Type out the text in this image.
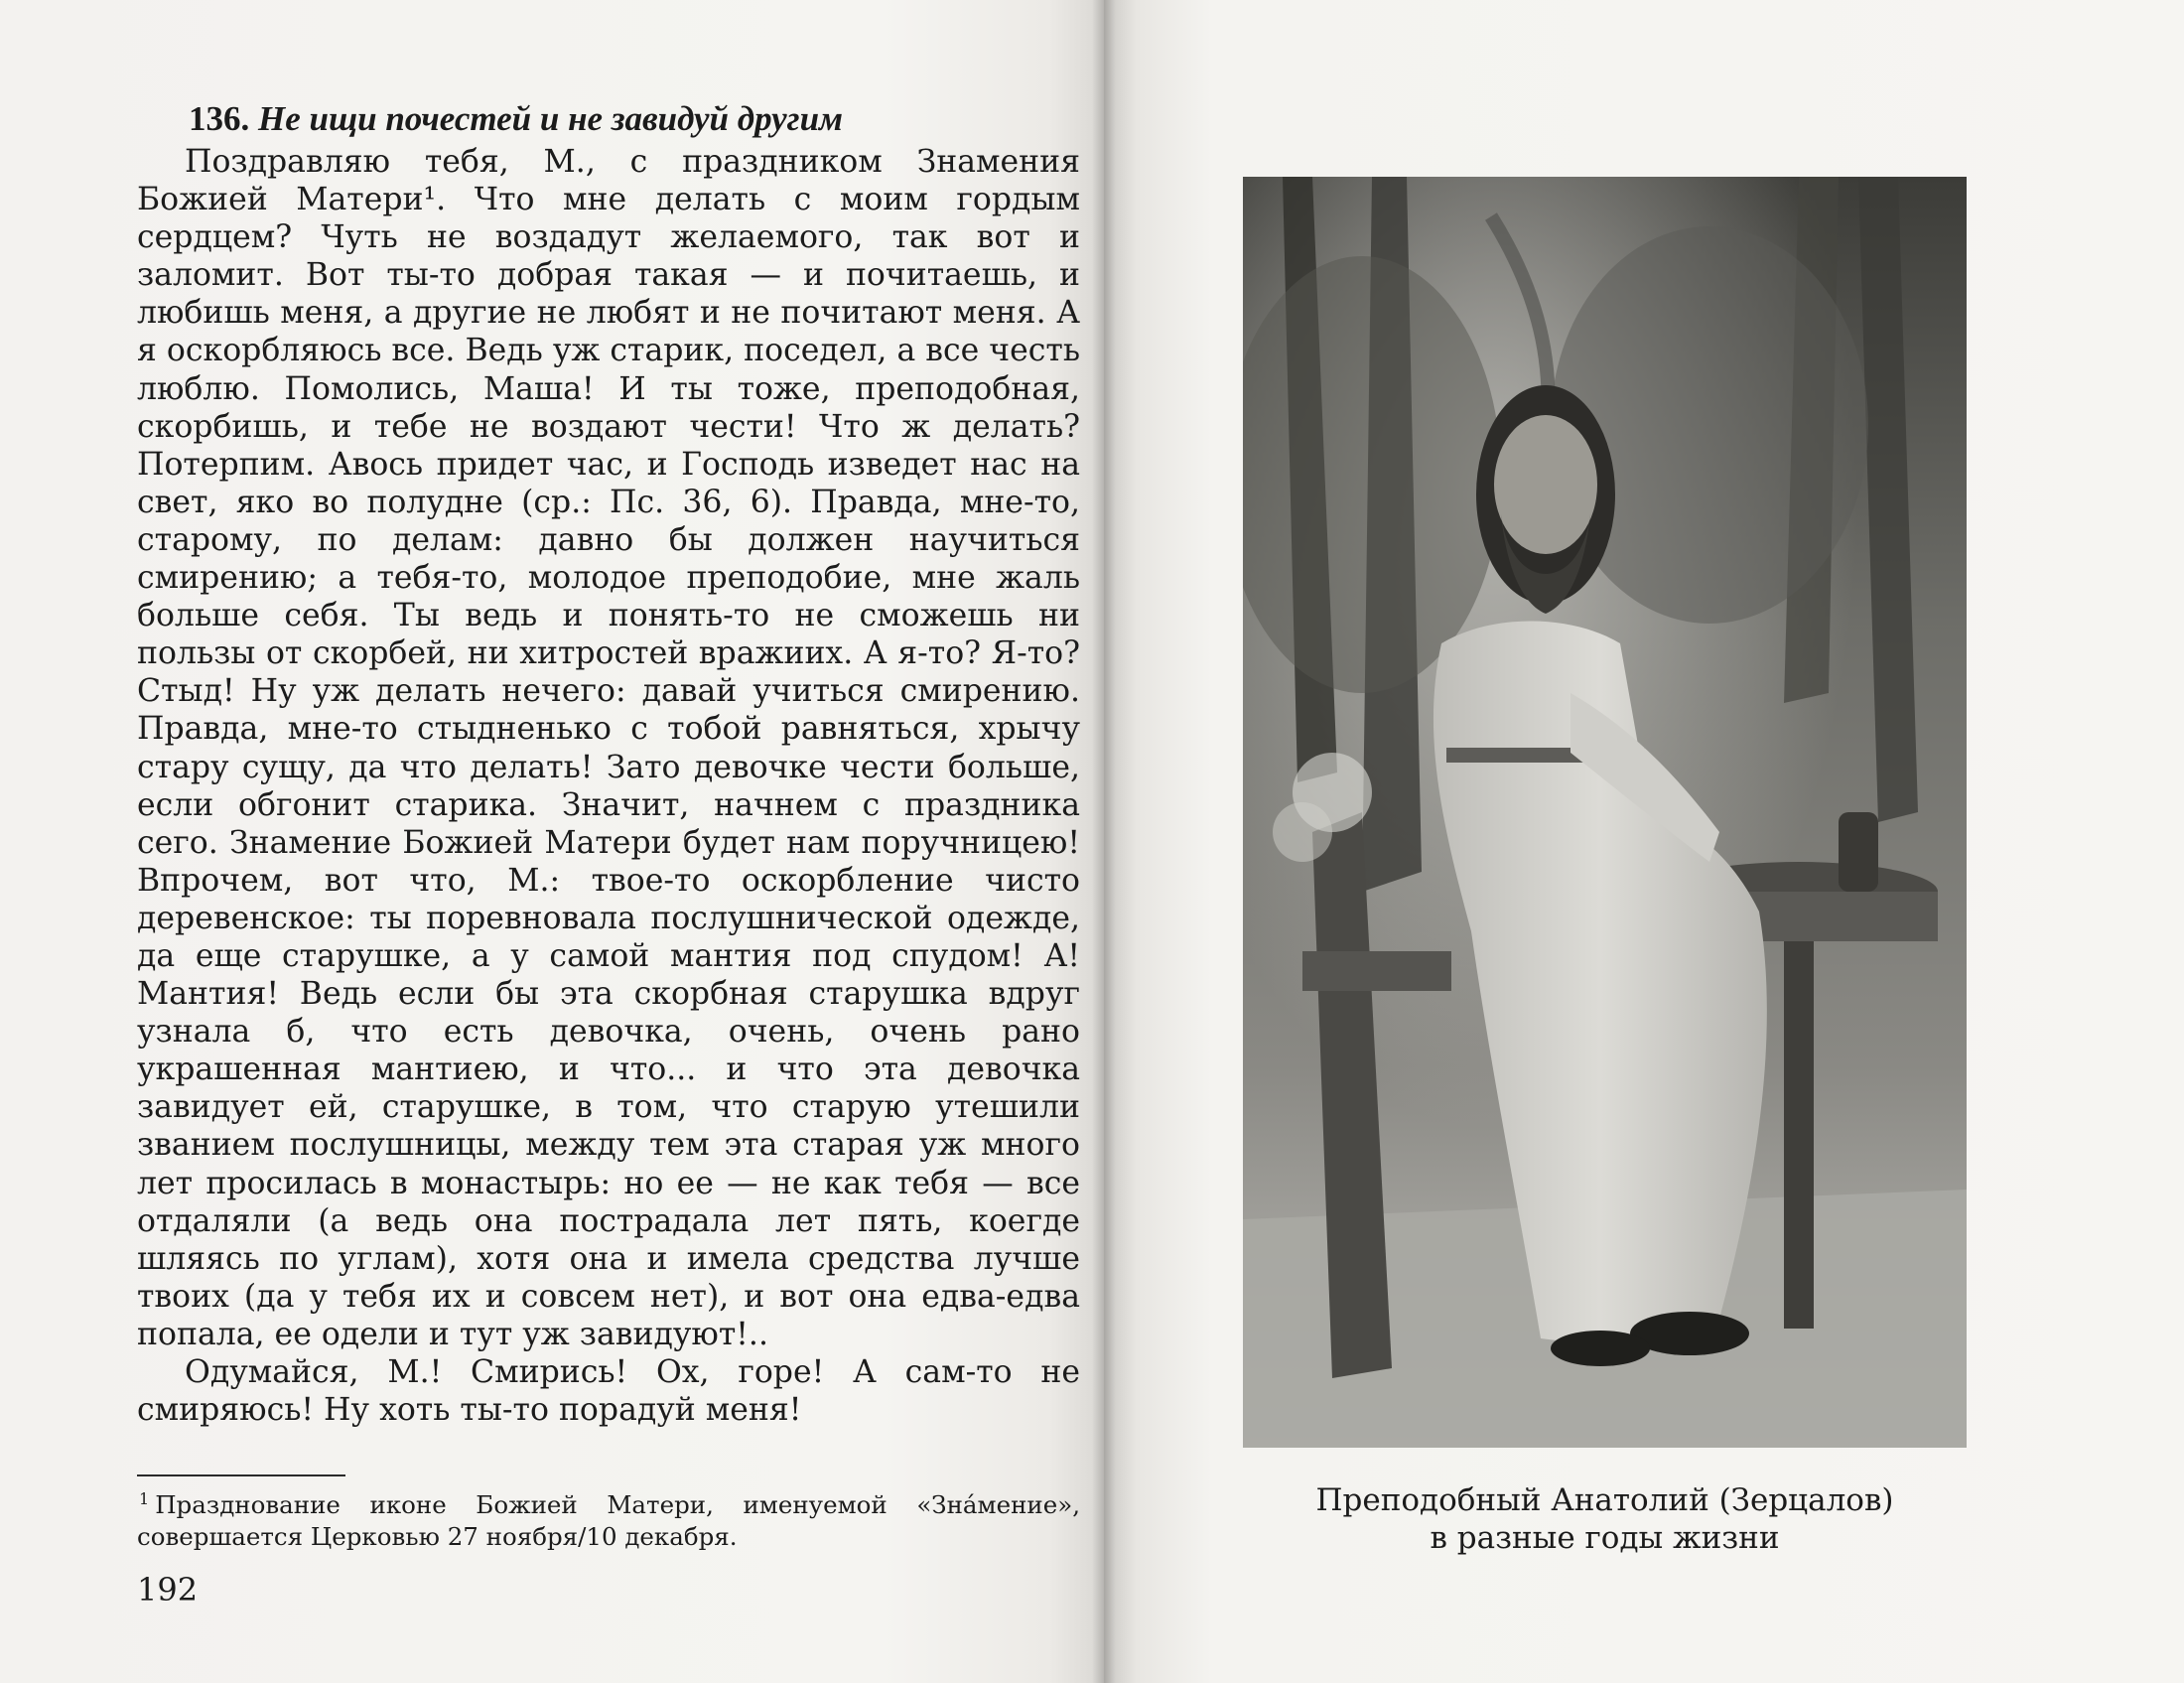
136. Не ищи почестей и не завидуй другим

Поздравляю тебя, М., с праздником Знамения Божией Матери¹. Что мне делать с моим гордым сердцем? Чуть не воздадут желаемого, так вот и заломит. Вот ты-то добрая такая — и почитаешь, и любишь меня, а другие не любят и не почитают меня. А я оскорбляюсь все. Ведь уж старик, поседел, а все честь люблю. Помолись, Маша! И ты тоже, преподобная, скорбишь, и тебе не воздают чести! Что ж делать? Потерпим. Авось придет час, и Господь изведет нас на свет, яко во полудне (ср.: Пс. 36, 6). Правда, мне-то, старому, по делам: давно бы должен научиться смирению; а тебя-то, молодое преподобие, мне жаль больше себя. Ты ведь и понять-то не сможешь ни пользы от скорбей, ни хитростей вражиих. А я-то? Я-то? Стыд! Ну уж делать нечего: давай учиться смирению. Правда, мне-то стыдненько с тобой равняться, хрычу стару сущу, да что делать! Зато девочке чести больше, если обгонит старика. Значит, начнем с праздника сего. Знамение Божией Матери будет нам поручницею! Впрочем, вот что, М.: твое-то оскорбление чисто деревенское: ты поревновала послушнической одежде, да еще старушке, а у самой мантия под спудом! А! Мантия! Ведь если бы эта скорбная старушка вдруг узнала б, что есть девочка, очень, очень рано украшенная мантиею, и что... и что эта девочка завидует ей, старушке, в том, что старую утешили званием послушницы, между тем эта старая уж много лет просилась в монастырь: но ее — не как тебя — все отдаляли (а ведь она пострадала лет пять, коегде шляясь по углам), хотя она и имела средства лучше твоих (да у тебя их и совсем нет), и вот она едва-едва попала, ее одели и тут уж завидуют!..

Одумайся, М.! Смирись! Ох, горе! А сам-то не смиряюсь! Ну хоть ты-то порадуй меня!

$^1$ Празднование иконе Божией Матери, именуемой «Зна́мение», совершается Церковью 27 ноября/10 декабря.
192
Преподобный Анатолий (Зерцалов)
в разные годы жизни
